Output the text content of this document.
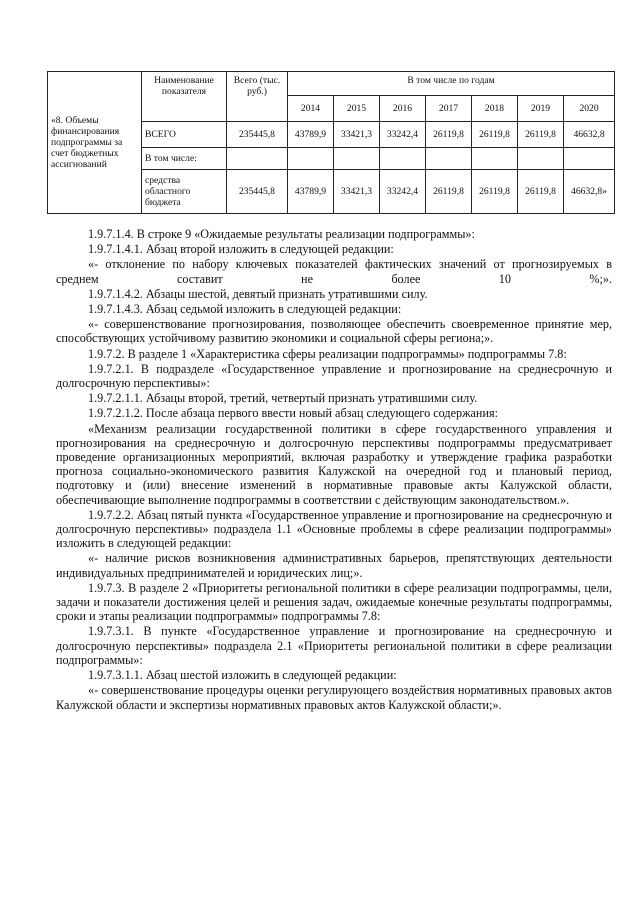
«8. Объемы финансирования подпрограммы за счет бюджетных ассигнований	Наименование показателя	Всего (тыс. руб.)	В том числе по годам						
			2014	2015	2016	2017	2018	2019	2020
	ВСЕГО	235445,8	43789,9	33421,3	33242,4	26119,8	26119,8	26119,8	46632,8
	В том числе:								
	средства областного бюджета	235445,8	43789,9	33421,3	33242,4	26119,8	26119,8	26119,8	46632,8»

1.9.7.1.4. В строке 9 «Ожидаемые результаты реализации подпрограммы»:

1.9.7.1.4.1. Абзац второй изложить в следующей редакции:

«- отклонение по набору ключевых показателей фактических значений от прогнозируемых в среднем составит не более 10 %;».

1.9.7.1.4.2. Абзацы шестой, девятый признать утратившими силу.

1.9.7.1.4.3. Абзац седьмой изложить в следующей редакции:

«- совершенствование прогнозирования, позволяющее обеспечить своевременное принятие мер, способствующих устойчивому развитию экономики и социальной сферы региона;».

1.9.7.2. В разделе 1 «Характеристика сферы реализации подпрограммы» подпрограммы 7.8:

1.9.7.2.1. В подразделе «Государственное управление и прогнозирование на среднесрочную и долгосрочную перспективы»:

1.9.7.2.1.1. Абзацы второй, третий, четвертый признать утратившими силу.

1.9.7.2.1.2. После абзаца первого ввести новый абзац следующего содержания:

«Механизм реализации государственной политики в сфере государственного управления и прогнозирования на среднесрочную и долгосрочную перспективы подпрограммы предусматривает проведение организационных мероприятий, включая разработку и утверждение графика разработки прогноза социально-экономического развития Калужской на очередной год и плановый период, подготовку и (или) внесение изменений в нормативные правовые акты Калужской области, обеспечивающие выполнение подпрограммы в соответствии с действующим законодательством.».

1.9.7.2.2. Абзац пятый пункта «Государственное управление и прогнозирование на среднесрочную и долгосрочную перспективы» подраздела 1.1 «Основные проблемы в сфере реализации подпрограммы» изложить в следующей редакции:

«- наличие рисков возникновения административных барьеров, препятствующих деятельности индивидуальных предпринимателей и юридических лиц;».

1.9.7.3. В разделе 2 «Приоритеты региональной политики в сфере реализации подпрограммы, цели, задачи и показатели достижения целей и решения задач, ожидаемые конечные результаты подпрограммы, сроки и этапы реализации подпрограммы» подпрограммы 7.8:

1.9.7.3.1. В пункте «Государственное управление и прогнозирование на среднесрочную и долгосрочную перспективы» подраздела 2.1 «Приоритеты региональной политики в сфере реализации подпрограммы»:

1.9.7.3.1.1. Абзац шестой изложить в следующей редакции:

«- совершенствование процедуры оценки регулирующего воздействия нормативных правовых актов Калужской области и экспертизы нормативных правовых актов Калужской области;».
